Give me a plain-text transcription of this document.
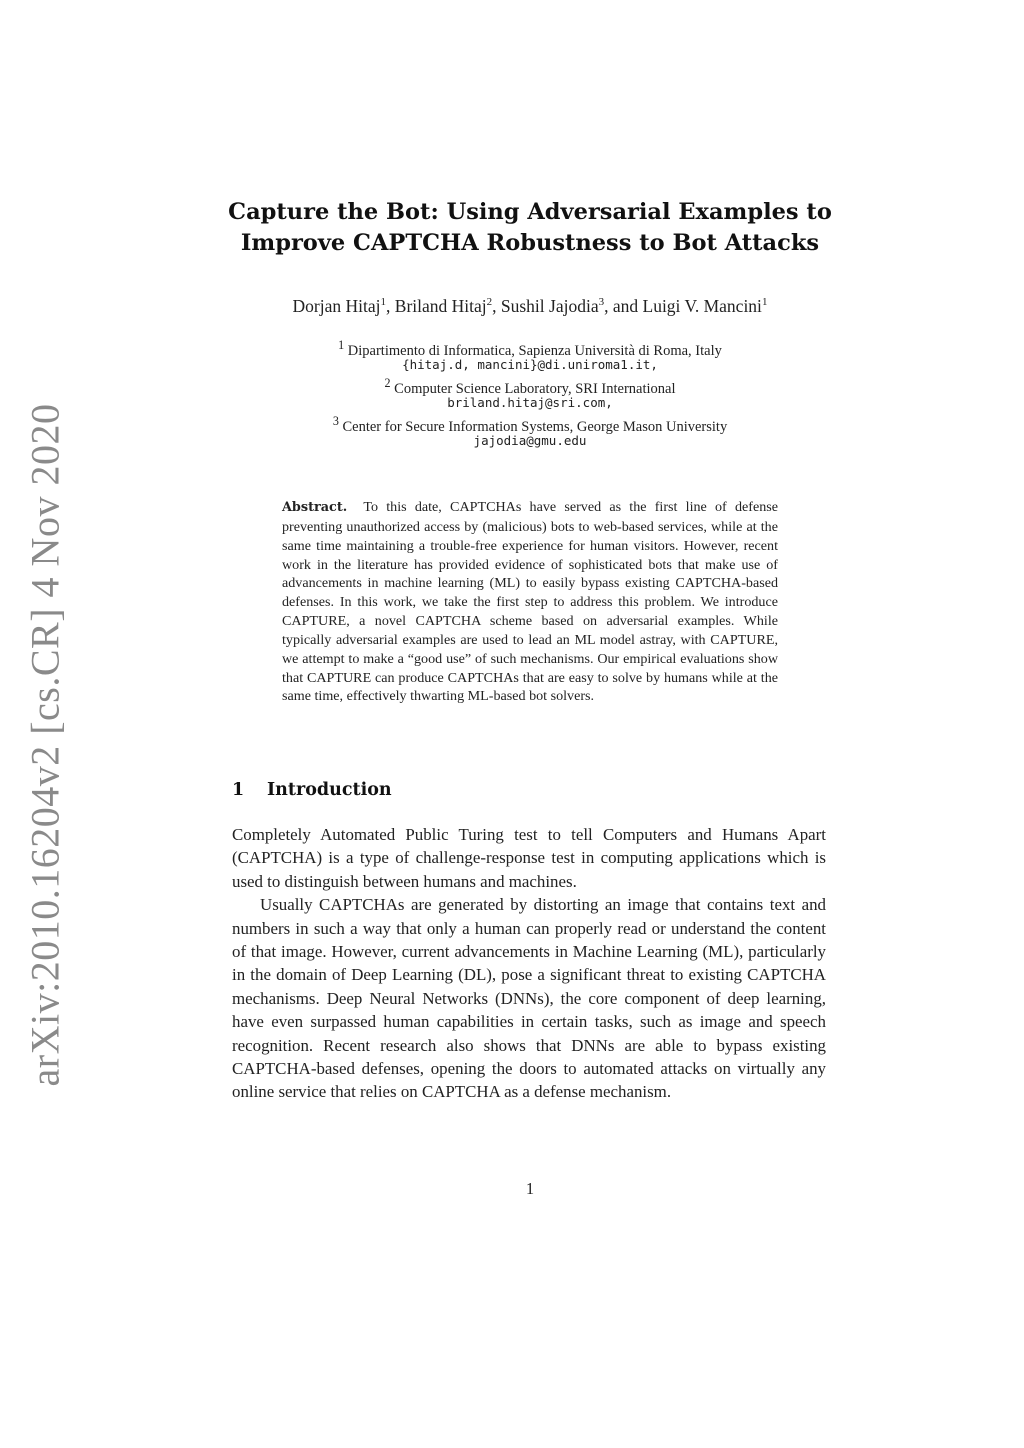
arXiv:2010.16204v2 [cs.CR] 4 Nov 2020
Capture the Bot: Using Adversarial Examples to Improve CAPTCHA Robustness to Bot Attacks
Dorjan Hitaj$^1$, Briland Hitaj$^2$, Sushil Jajodia$^3$, and Luigi V. Mancini$^1$
$^1$ Dipartimento di Informatica, Sapienza Università di Roma, Italy
{hitaj.d, mancini}@di.uniroma1.it,
$^2$ Computer Science Laboratory, SRI International
briland.hitaj@sri.com,
$^3$ Center for Secure Information Systems, George Mason University
jajodia@gmu.edu
Abstract. To this date, CAPTCHAs have served as the first line of defense preventing unauthorized access by (malicious) bots to web-based services, while at the same time maintaining a trouble-free experience for human visitors. However, recent work in the literature has provided evidence of sophisticated bots that make use of advancements in machine learning (ML) to easily bypass existing CAPTCHA-based defenses. In this work, we take the first step to address this problem. We introduce CAPTURE, a novel CAPTCHA scheme based on adversarial examples. While typically adversarial examples are used to lead an ML model astray, with CAPTURE, we attempt to make a “good use” of such mechanisms. Our empirical evaluations show that CAPTURE can produce CAPTCHAs that are easy to solve by humans while at the same time, effectively thwarting ML-based bot solvers.
1 Introduction

Completely Automated Public Turing test to tell Computers and Humans Apart (CAPTCHA) is a type of challenge-response test in computing applications which is used to distinguish between humans and machines.

Usually CAPTCHAs are generated by distorting an image that contains text and numbers in such a way that only a human can properly read or understand the content of that image. However, current advancements in Machine Learning (ML), particularly in the domain of Deep Learning (DL), pose a significant threat to existing CAPTCHA mechanisms. Deep Neural Networks (DNNs), the core component of deep learning, have even surpassed human capabilities in certain tasks, such as image and speech recognition. Recent research also shows that DNNs are able to bypass existing CAPTCHA-based defenses, opening the doors to automated attacks on virtually any online service that relies on CAPTCHA as a defense mechanism.

1
